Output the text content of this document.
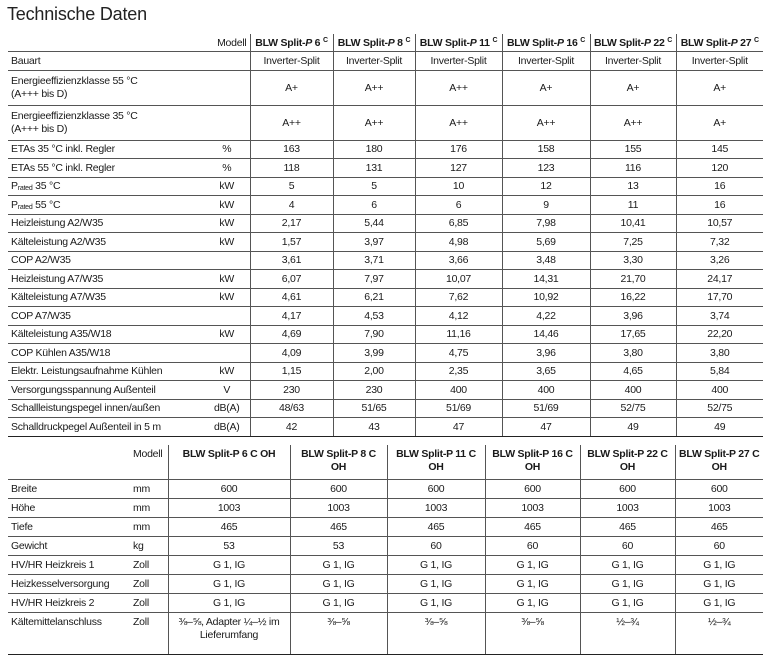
Technische Daten
Modell		BLW Split-P 6 $^C$	BLW Split-P 8 $^C$	BLW Split-P 11 $^C$	BLW Split-P 16 $^C$	BLW Split-P 22 $^C$	BLW Split-P 27 $^C$
Bauart		Inverter-Split	Inverter-Split	Inverter-Split	Inverter-Split	Inverter-Split	Inverter-Split
Energieeffizienzklasse 55 °C
(A+++ bis D)		A+	A++	A++	A+	A+	A+
Energieeffizienzklasse 35 °C
(A+++ bis D)		A++	A++	A++	A++	A++	A+
ETAs 35 °C inkl. Regler	%	163	180	176	158	155	145
ETAs 55 °C inkl. Regler	%	118	131	127	123	116	120
$P_{rated}$ 35 °C	kW	5	5	10	12	13	16
$P_{rated}$ 55 °C	kW	4	6	6	9	11	16
Heizleistung A2/W35	kW	2,17	5,44	6,85	7,98	10,41	10,57
Kälteleistung A2/W35	kW	1,57	3,97	4,98	5,69	7,25	7,32
COP A2/W35		3,61	3,71	3,66	3,48	3,30	3,26
Heizleistung A7/W35	kW	6,07	7,97	10,07	14,31	21,70	24,17
Kälteleistung A7/W35	kW	4,61	6,21	7,62	10,92	16,22	17,70
COP A7/W35		4,17	4,53	4,12	4,22	3,96	3,74
Kälteleistung A35/W18	kW	4,69	7,90	11,16	14,46	17,65	22,20
COP Kühlen A35/W18		4,09	3,99	4,75	3,96	3,80	3,80
Elektr. Leistungsaufnahme Kühlen	kW	1,15	2,00	2,35	3,65	4,65	5,84
Versorgungsspannung Außenteil	V	230	230	400	400	400	400
Schallleistungspegel innen/außen	dB(A)	48/63	51/65	51/69	51/69	52/75	52/75
Schalldruckpegel Außenteil in 5 m	dB(A)	42	43	47	47	49	49
	Modell	BLW Split-P 6 C OH	BLW Split-P 8 C OH	BLW Split-P 11 C OH	BLW Split-P 16 C OH	BLW Split-P 22 C OH	BLW Split-P 27 C OH
Breite	mm	600	600	600	600	600	600
Höhe	mm	1003	1003	1003	1003	1003	1003
Tiefe	mm	465	465	465	465	465	465
Gewicht	kg	53	53	60	60	60	60
HV/HR Heizkreis 1	Zoll	G 1, IG	G 1, IG	G 1, IG	G 1, IG	G 1, IG	G 1, IG
Heizkesselversorgung	Zoll	G 1, IG	G 1, IG	G 1, IG	G 1, IG	G 1, IG	G 1, IG
HV/HR Heizkreis 2	Zoll	G 1, IG	G 1, IG	G 1, IG	G 1, IG	G 1, IG	G 1, IG
Kältemittelanschluss	Zoll	⅜–⅝, Adapter ¼–½ im Lieferumfang	⅜–⅝	⅜–⅝	⅜–⅝	½–¾	½–¾
